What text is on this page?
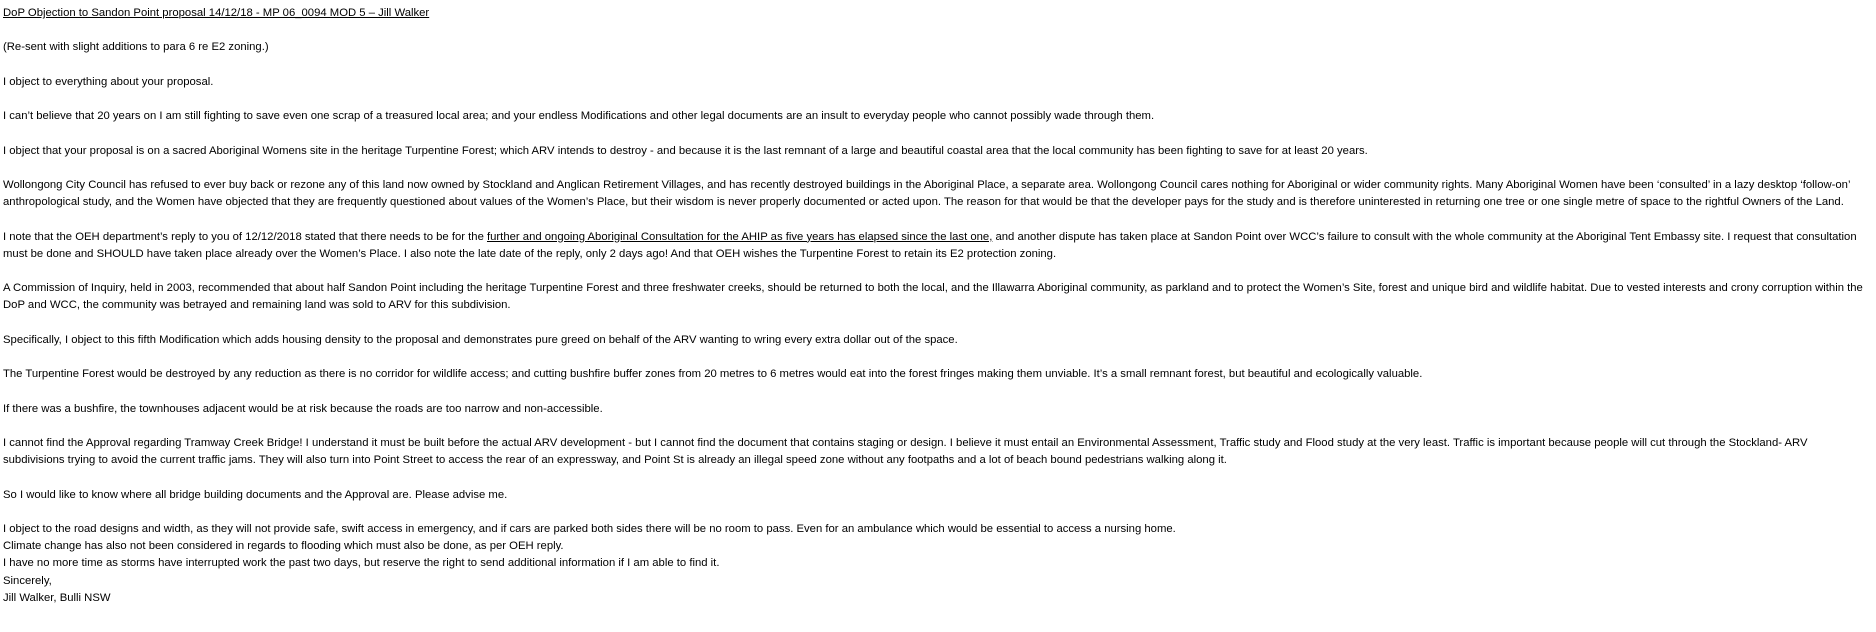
DoP Objection to Sandon Point proposal 14/12/18 - MP 06_0094 MOD 5 – Jill Walker

(Re-sent with slight additions to para 6 re E2 zoning.)

I object to everything about your proposal.

I can’t believe that 20 years on I am still fighting to save even one scrap of a treasured local area; and your endless Modifications and other legal documents are an insult to everyday people who cannot possibly wade through them.

I object that your proposal is on a sacred Aboriginal Womens site in the heritage Turpentine Forest; which ARV intends to destroy - and because it is the last remnant of a large and beautiful coastal area that the local community has been fighting to save for at least 20 years.

Wollongong City Council has refused to ever buy back or rezone any of this land now owned by Stockland and Anglican Retirement Villages, and has recently destroyed buildings in the Aboriginal Place, a separate area. Wollongong Council cares nothing for Aboriginal or wider community rights. Many Aboriginal Women have been ‘consulted’ in a lazy desktop ‘follow-on’ anthropological study, and the Women have objected that they are frequently questioned about values of the Women’s Place, but their wisdom is never properly documented or acted upon. The reason for that would be that the developer pays for the study and is therefore uninterested in returning one tree or one single metre of space to the rightful Owners of the Land.

I note that the OEH department’s reply to you of 12/12/2018 stated that there needs to be for the further and ongoing Aboriginal Consultation for the AHIP as five years has elapsed since the last one, and another dispute has taken place at Sandon Point over WCC’s failure to consult with the whole community at the Aboriginal Tent Embassy site. I request that consultation must be done and SHOULD have taken place already over the Women’s Place. I also note the late date of the reply, only 2 days ago! And that OEH wishes the Turpentine Forest to retain its E2 protection zoning.

A Commission of Inquiry, held in 2003, recommended that about half Sandon Point including the heritage Turpentine Forest and three freshwater creeks, should be returned to both the local, and the Illawarra Aboriginal community, as parkland and to protect the Women’s Site, forest and unique bird and wildlife habitat. Due to vested interests and crony corruption within the DoP and WCC, the community was betrayed and remaining land was sold to ARV for this subdivision.

Specifically, I object to this fifth Modification which adds housing density to the proposal and demonstrates pure greed on behalf of the ARV wanting to wring every extra dollar out of the space.

The Turpentine Forest would be destroyed by any reduction as there is no corridor for wildlife access; and cutting bushfire buffer zones from 20 metres to 6 metres would eat into the forest fringes making them unviable. It’s a small remnant forest, but beautiful and ecologically valuable.

If there was a bushfire, the townhouses adjacent would be at risk because the roads are too narrow and non-accessible.

I cannot find the Approval regarding Tramway Creek Bridge! I understand it must be built before the actual ARV development - but I cannot find the document that contains staging or design. I believe it must entail an Environmental Assessment, Traffic study and Flood study at the very least. Traffic is important because people will cut through the Stockland- ARV subdivisions trying to avoid the current traffic jams. They will also turn into Point Street to access the rear of an expressway, and Point St is already an illegal speed zone without any footpaths and a lot of beach bound pedestrians walking along it.

So I would like to know where all bridge building documents and the Approval are. Please advise me.

I object to the road designs and width, as they will not provide safe, swift access in emergency, and if cars are parked both sides there will be no room to pass. Even for an ambulance which would be essential to access a nursing home.

Climate change has also not been considered in regards to flooding which must also be done, as per OEH reply.

I have no more time as storms have interrupted work the past two days, but reserve the right to send additional information if I am able to find it.

Sincerely,

Jill Walker, Bulli NSW
